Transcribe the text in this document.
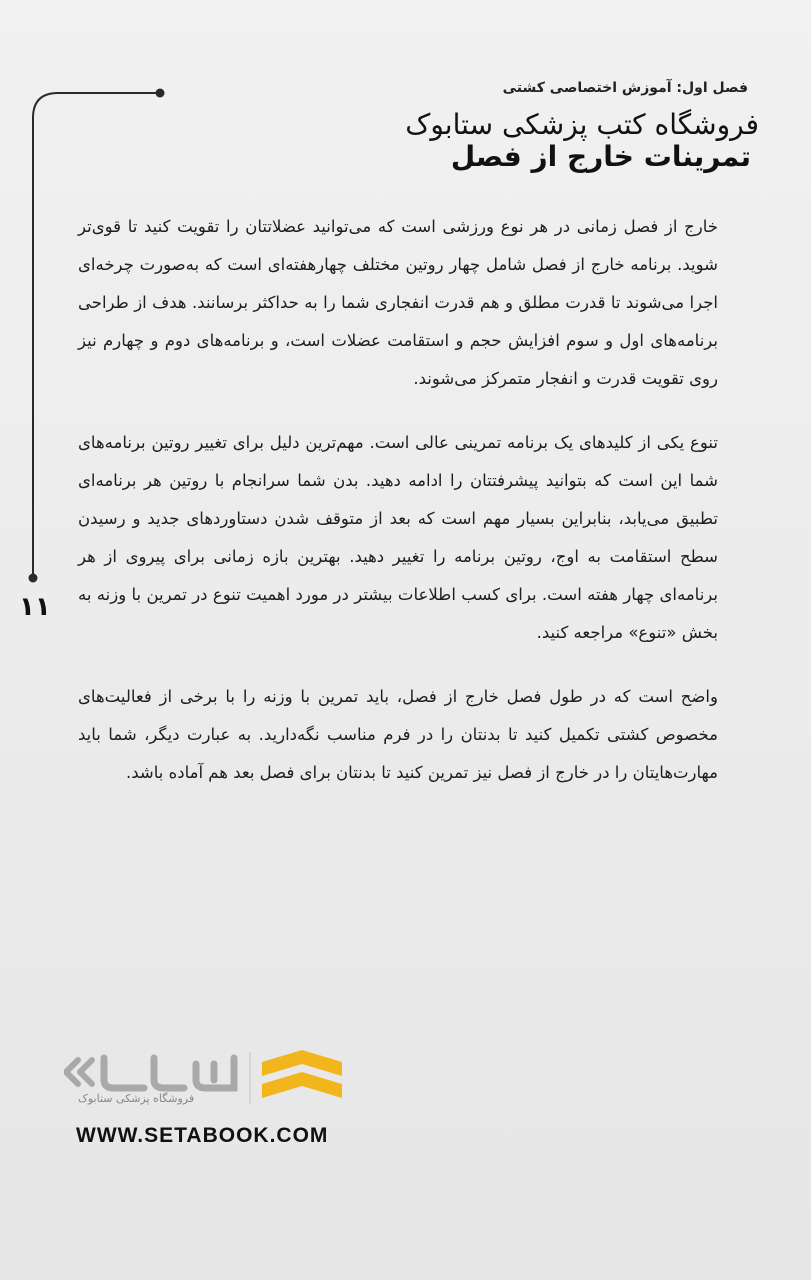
فصل اول: آموزش اختصاصی کشتی
فروشگاه کتب پزشکی ستابوک
تمرینات خارج از فصل

خارج از فصل زمانی در هر نوع ورزشی است که می‌توانید عضلاتتان را تقویت کنید تا قوی‌تر شوید. برنامه خارج از فصل شامل چهار روتین مختلف چهارهفته‌ای است که به‌صورت چرخه‌ای اجرا می‌شوند تا قدرت مطلق و هم قدرت انفجاری شما را به حداکثر برسانند. هدف از طراحی برنامه‌های اول و سوم افزایش حجم و استقامت عضلات است، و برنامه‌های دوم و چهارم نیز روی تقویت قدرت و انفجار متمرکز می‌شوند.

تنوع یکی از کلیدهای یک برنامه تمرینی عالی است. مهم‌ترین دلیل برای تغییر روتین برنامه‌های شما این است که بتوانید پیشرفتتان را ادامه دهید. بدن شما سرانجام با روتین هر برنامه‌ای تطبیق می‌یابد، بنابراین بسیار مهم است که بعد از متوقف شدن دستاوردهای جدید و رسیدن سطح استقامت به اوج، روتین برنامه را تغییر دهید. بهترین بازه زمانی برای پیروی از هر برنامه‌ای چهار هفته است. برای کسب اطلاعات بیشتر در مورد اهمیت تنوع در تمرین با وزنه به بخش «تنوع» مراجعه کنید.

واضح است که در طول فصل خارج از فصل، باید تمرین با وزنه را با برخی از فعالیت‌های مخصوص کشتی تکمیل کنید تا بدنتان را در فرم مناسب نگه‌دارید. به عبارت دیگر، شما باید مهارت‌هایتان را در خارج از فصل نیز تمرین کنید تا بدنتان برای فصل بعد هم آماده باشد.

۱۱
فروشگاه پزشکی ستابوک
WWW.SETABOOK.COM
